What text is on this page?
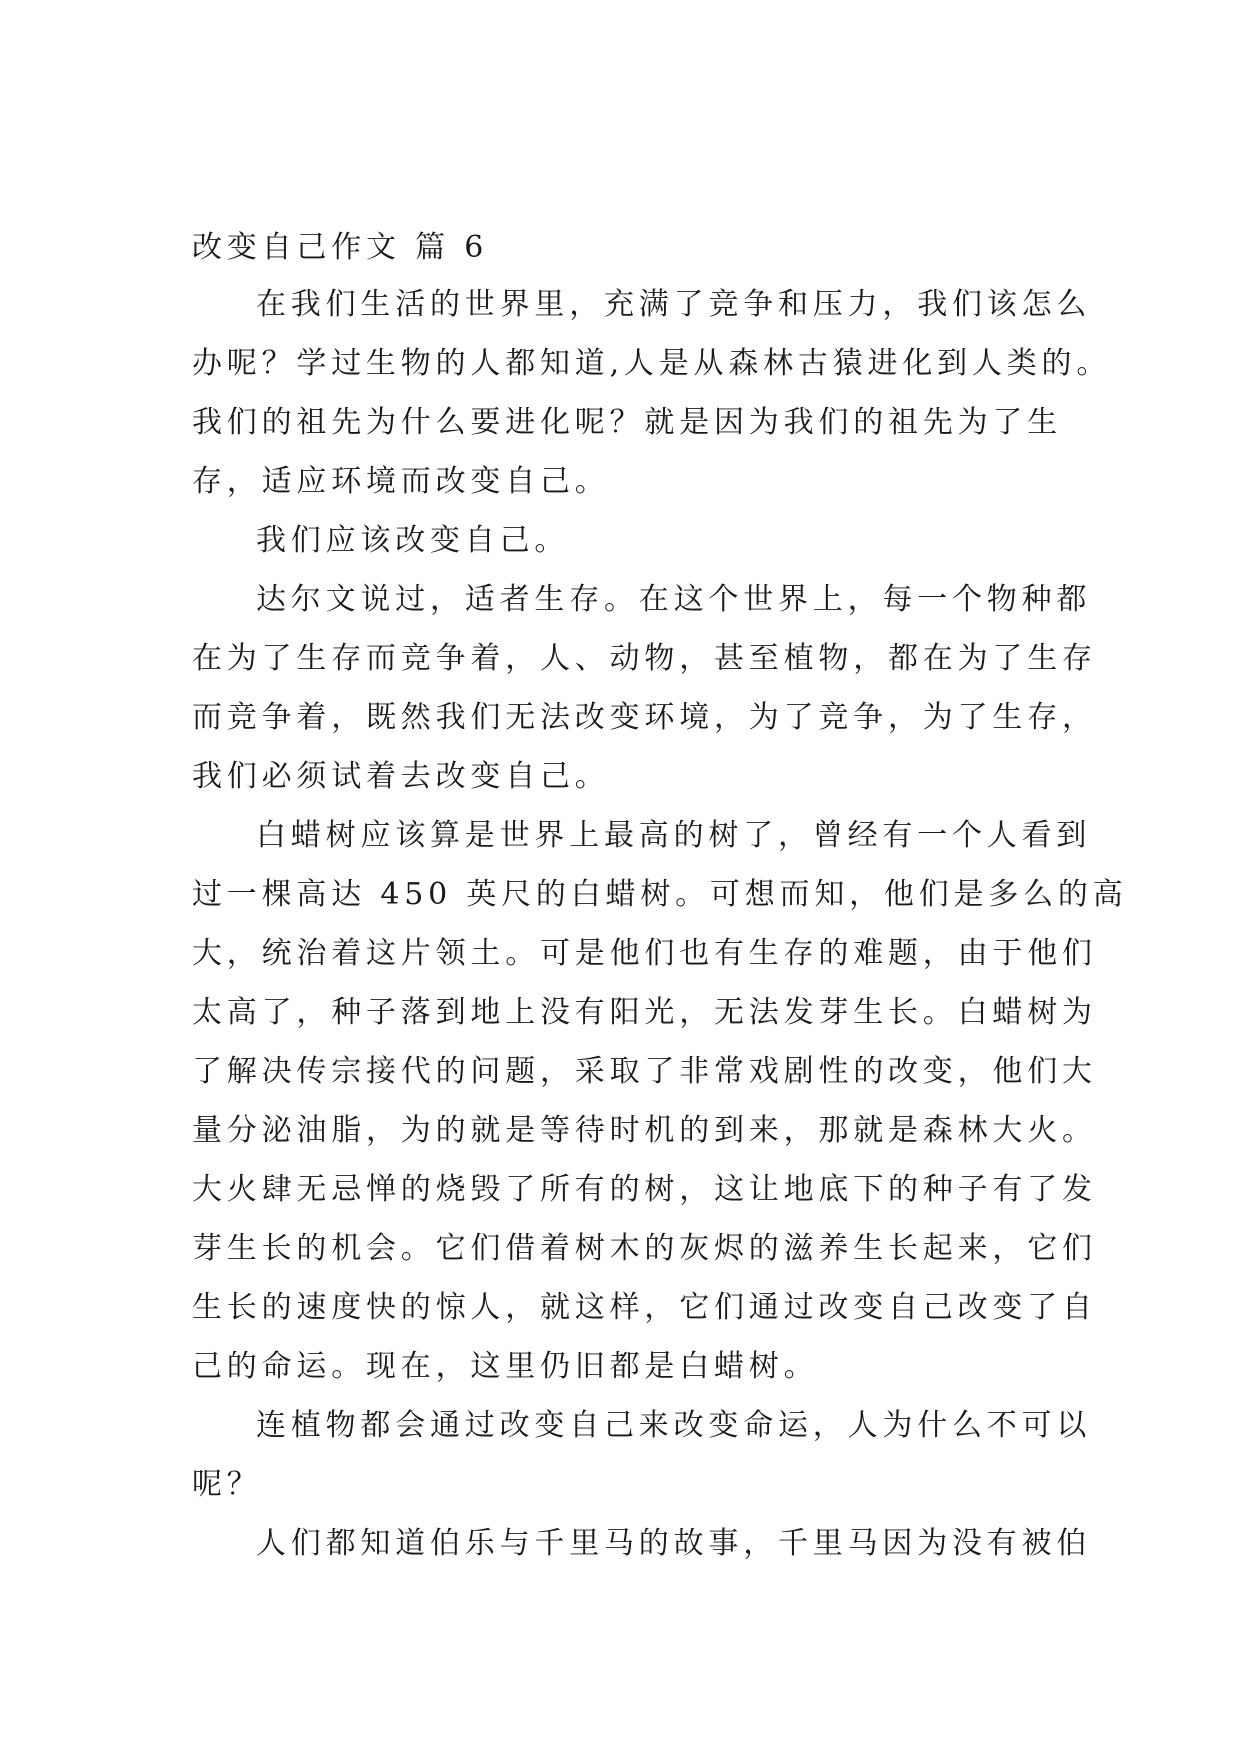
改变自己作文 篇 6
在我们生活的世界里，充满了竞争和压力，我们该怎么
办呢？学过生物的人都知道,人是从森林古猿进化到人类的。
我们的祖先为什么要进化呢？就是因为我们的祖先为了生
存，适应环境而改变自己。
我们应该改变自己。
达尔文说过，适者生存。在这个世界上，每一个物种都
在为了生存而竞争着，人、动物，甚至植物，都在为了生存
而竞争着，既然我们无法改变环境，为了竞争，为了生存，
我们必须试着去改变自己。
白蜡树应该算是世界上最高的树了，曾经有一个人看到
过一棵高达 450 英尺的白蜡树。可想而知，他们是多么的高
大，统治着这片领土。可是他们也有生存的难题，由于他们
太高了，种子落到地上没有阳光，无法发芽生长。白蜡树为
了解决传宗接代的问题，采取了非常戏剧性的改变，他们大
量分泌油脂，为的就是等待时机的到来，那就是森林大火。
大火肆无忌惮的烧毁了所有的树，这让地底下的种子有了发
芽生长的机会。它们借着树木的灰烬的滋养生长起来，它们
生长的速度快的惊人，就这样，它们通过改变自己改变了自
己的命运。现在，这里仍旧都是白蜡树。
连植物都会通过改变自己来改变命运，人为什么不可以
呢？
人们都知道伯乐与千里马的故事，千里马因为没有被伯
